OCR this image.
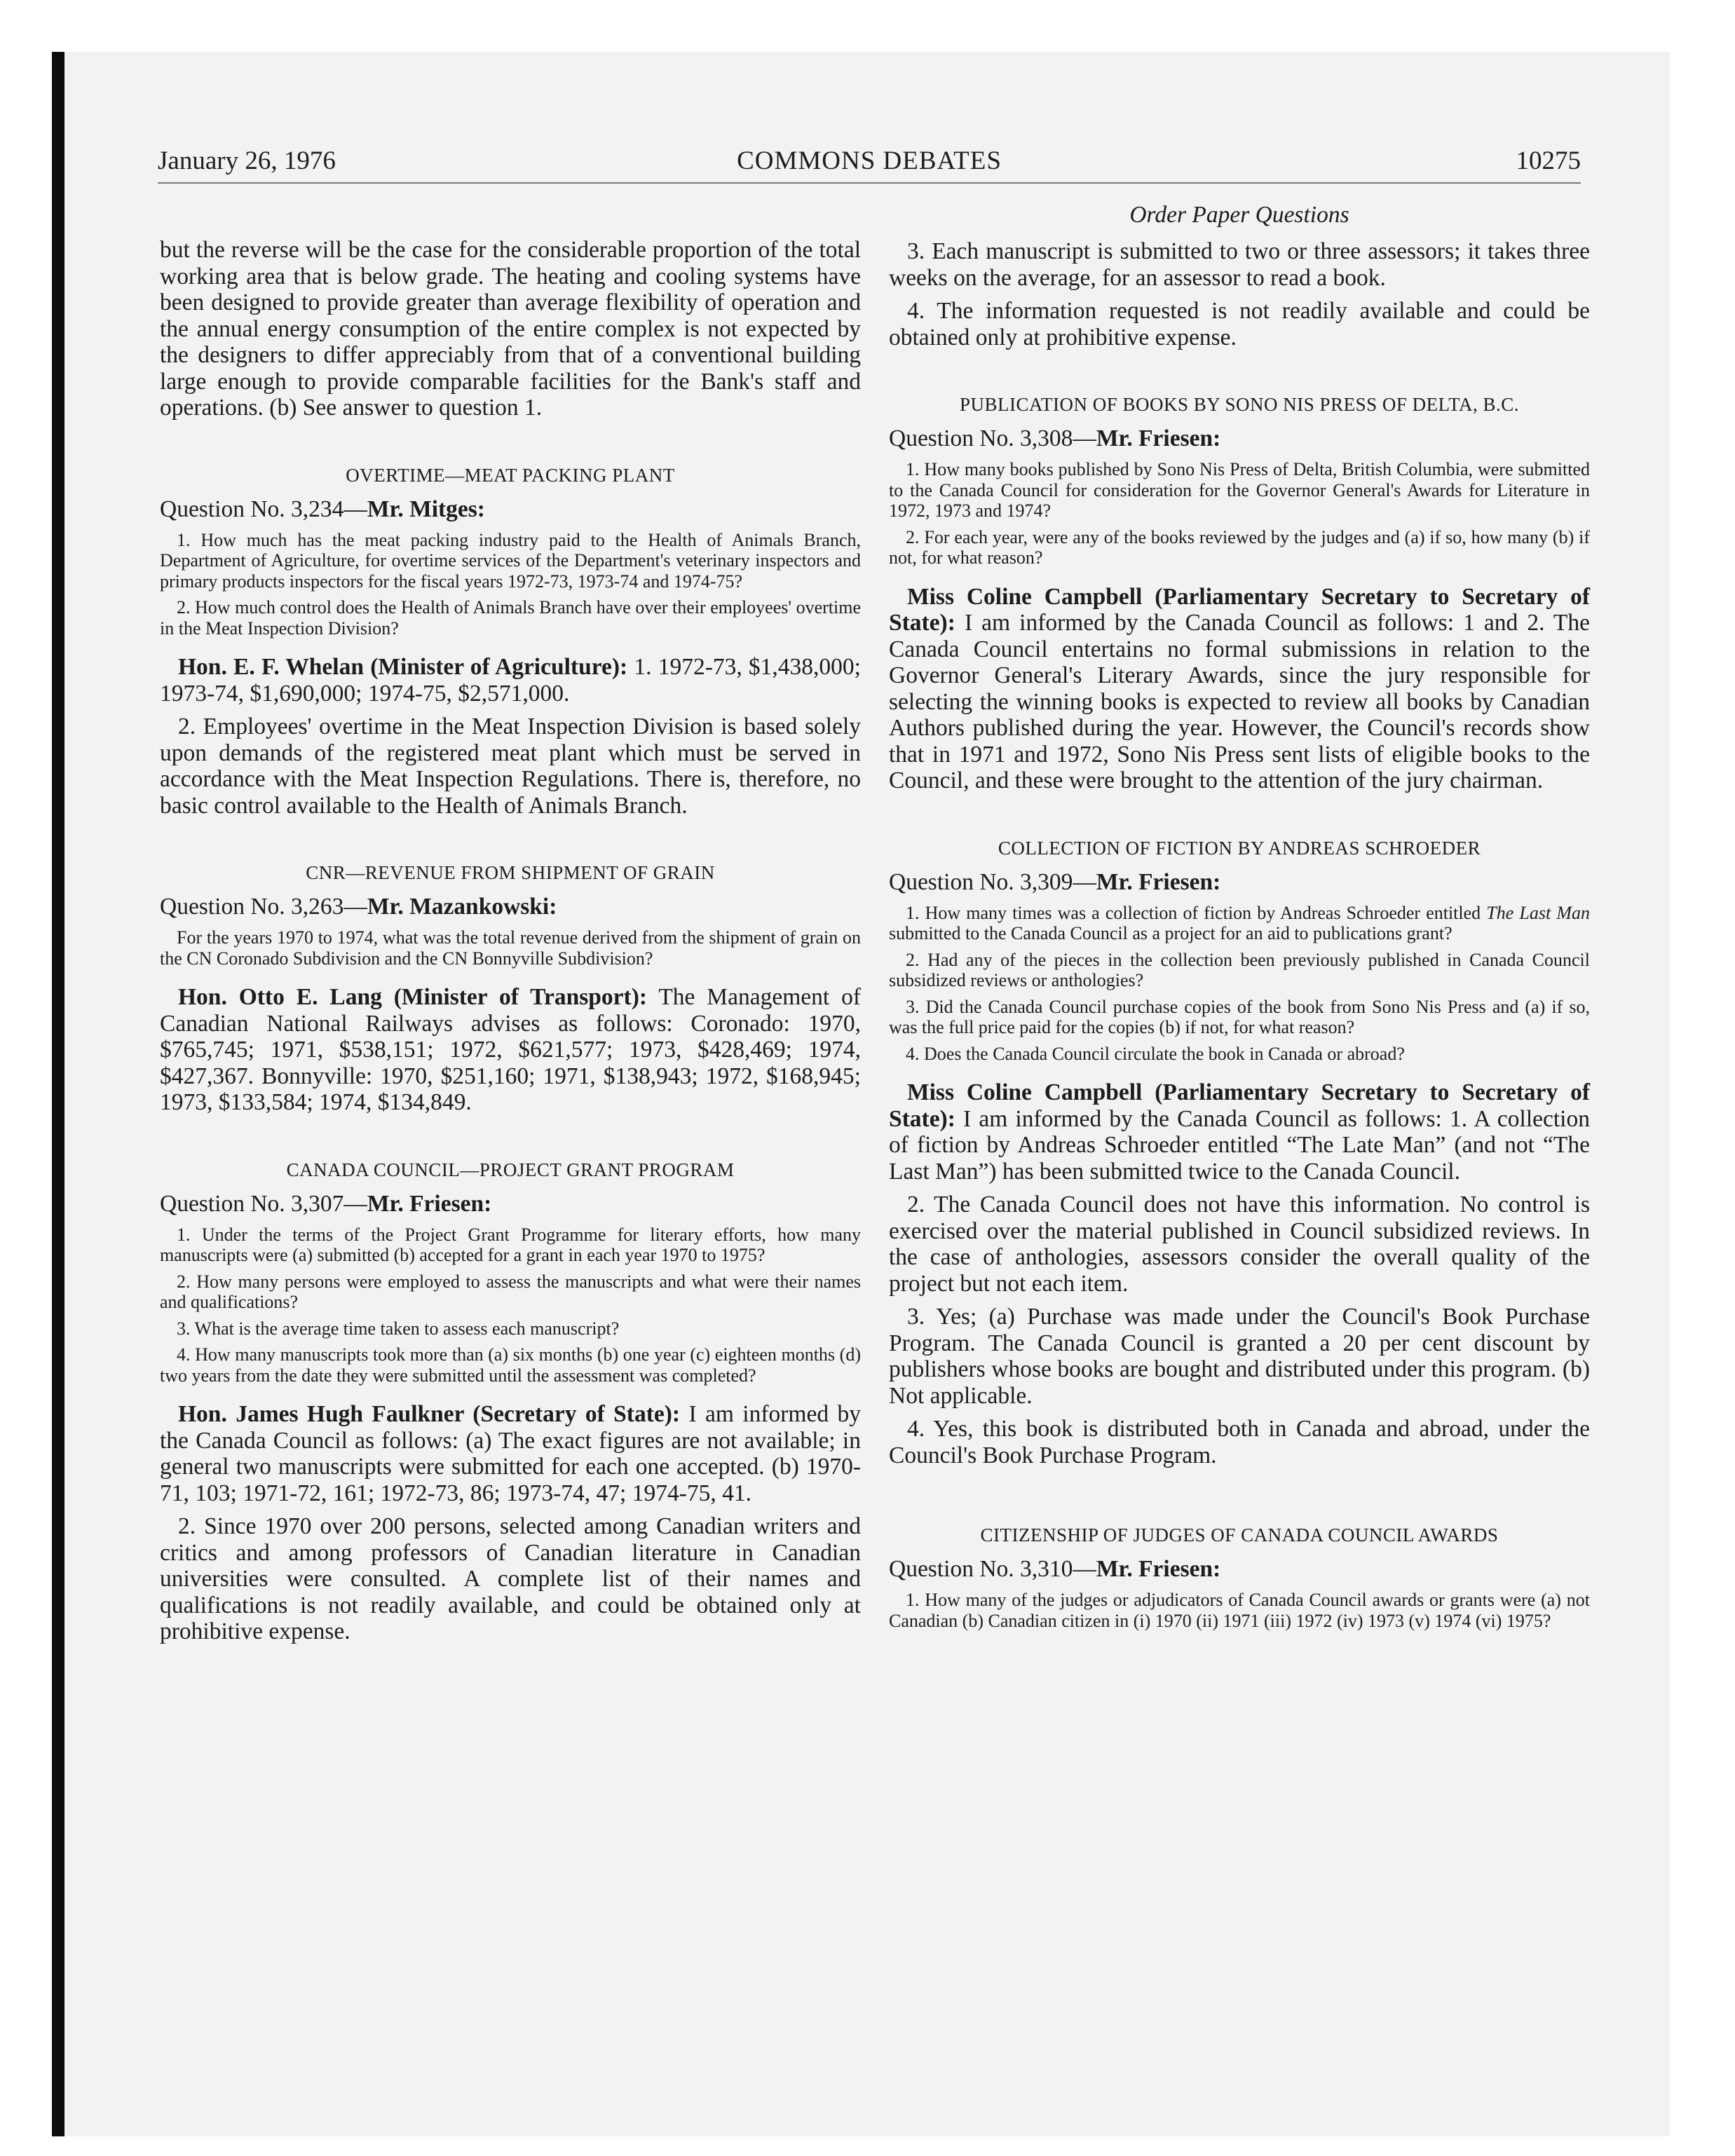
January 26, 1976	COMMONS DEBATES	10275

but the reverse will be the case for the considerable proportion of the total working area that is below grade. The heating and cooling systems have been designed to provide greater than average flexibility of operation and the annual energy consumption of the entire complex is not expected by the designers to differ appreciably from that of a conventional building large enough to provide comparable facilities for the Bank's staff and operations. (b) See answer to question 1.

OVERTIME—MEAT PACKING PLANT
Question No. 3,234—Mr. Mitges:

1. How much has the meat packing industry paid to the Health of Animals Branch, Department of Agriculture, for overtime services of the Department's veterinary inspectors and primary products inspectors for the fiscal years 1972-73, 1973-74 and 1974-75?

2. How much control does the Health of Animals Branch have over their employees' overtime in the Meat Inspection Division?

Hon. E. F. Whelan (Minister of Agriculture): 1. 1972-73, $1,438,000; 1973-74, $1,690,000; 1974-75, $2,571,000.

2. Employees' overtime in the Meat Inspection Division is based solely upon demands of the registered meat plant which must be served in accordance with the Meat Inspection Regulations. There is, therefore, no basic control available to the Health of Animals Branch.

CNR—REVENUE FROM SHIPMENT OF GRAIN
Question No. 3,263—Mr. Mazankowski:

For the years 1970 to 1974, what was the total revenue derived from the shipment of grain on the CN Coronado Subdivision and the CN Bonnyville Subdivision?

Hon. Otto E. Lang (Minister of Transport): The Management of Canadian National Railways advises as follows: Coronado: 1970, $765,745; 1971, $538,151; 1972, $621,577; 1973, $428,469; 1974, $427,367. Bonnyville: 1970, $251,160; 1971, $138,943; 1972, $168,945; 1973, $133,584; 1974, $134,849.

CANADA COUNCIL—PROJECT GRANT PROGRAM
Question No. 3,307—Mr. Friesen:

1. Under the terms of the Project Grant Programme for literary efforts, how many manuscripts were (a) submitted (b) accepted for a grant in each year 1970 to 1975?

2. How many persons were employed to assess the manuscripts and what were their names and qualifications?

3. What is the average time taken to assess each manuscript?

4. How many manuscripts took more than (a) six months (b) one year (c) eighteen months (d) two years from the date they were submitted until the assessment was completed?

Hon. James Hugh Faulkner (Secretary of State): I am informed by the Canada Council as follows: (a) The exact figures are not available; in general two manuscripts were submitted for each one accepted. (b) 1970-71, 103; 1971-72, 161; 1972-73, 86; 1973-74, 47; 1974-75, 41.

2. Since 1970 over 200 persons, selected among Canadian writers and critics and among professors of Canadian literature in Canadian universities were consulted. A complete list of their names and qualifications is not readily available, and could be obtained only at prohibitive expense.

Order Paper Questions

3. Each manuscript is submitted to two or three assessors; it takes three weeks on the average, for an assessor to read a book.

4. The information requested is not readily available and could be obtained only at prohibitive expense.

PUBLICATION OF BOOKS BY SONO NIS PRESS OF DELTA, B.C.
Question No. 3,308—Mr. Friesen:

1. How many books published by Sono Nis Press of Delta, British Columbia, were submitted to the Canada Council for consideration for the Governor General's Awards for Literature in 1972, 1973 and 1974?

2. For each year, were any of the books reviewed by the judges and (a) if so, how many (b) if not, for what reason?

Miss Coline Campbell (Parliamentary Secretary to Secretary of State): I am informed by the Canada Council as follows: 1 and 2. The Canada Council entertains no formal submissions in relation to the Governor General's Literary Awards, since the jury responsible for selecting the winning books is expected to review all books by Canadian Authors published during the year. However, the Council's records show that in 1971 and 1972, Sono Nis Press sent lists of eligible books to the Council, and these were brought to the attention of the jury chairman.

COLLECTION OF FICTION BY ANDREAS SCHROEDER
Question No. 3,309—Mr. Friesen:

1. How many times was a collection of fiction by Andreas Schroeder entitled The Last Man submitted to the Canada Council as a project for an aid to publications grant?

2. Had any of the pieces in the collection been previously published in Canada Council subsidized reviews or anthologies?

3. Did the Canada Council purchase copies of the book from Sono Nis Press and (a) if so, was the full price paid for the copies (b) if not, for what reason?

4. Does the Canada Council circulate the book in Canada or abroad?

Miss Coline Campbell (Parliamentary Secretary to Secretary of State): I am informed by the Canada Council as follows: 1. A collection of fiction by Andreas Schroeder entitled “The Late Man” (and not “The Last Man”) has been submitted twice to the Canada Council.

2. The Canada Council does not have this information. No control is exercised over the material published in Council subsidized reviews. In the case of anthologies, assessors consider the overall quality of the project but not each item.

3. Yes; (a) Purchase was made under the Council's Book Purchase Program. The Canada Council is granted a 20 per cent discount by publishers whose books are bought and distributed under this program. (b) Not applicable.

4. Yes, this book is distributed both in Canada and abroad, under the Council's Book Purchase Program.

CITIZENSHIP OF JUDGES OF CANADA COUNCIL AWARDS
Question No. 3,310—Mr. Friesen:

1. How many of the judges or adjudicators of Canada Council awards or grants were (a) not Canadian (b) Canadian citizen in (i) 1970 (ii) 1971 (iii) 1972 (iv) 1973 (v) 1974 (vi) 1975?
